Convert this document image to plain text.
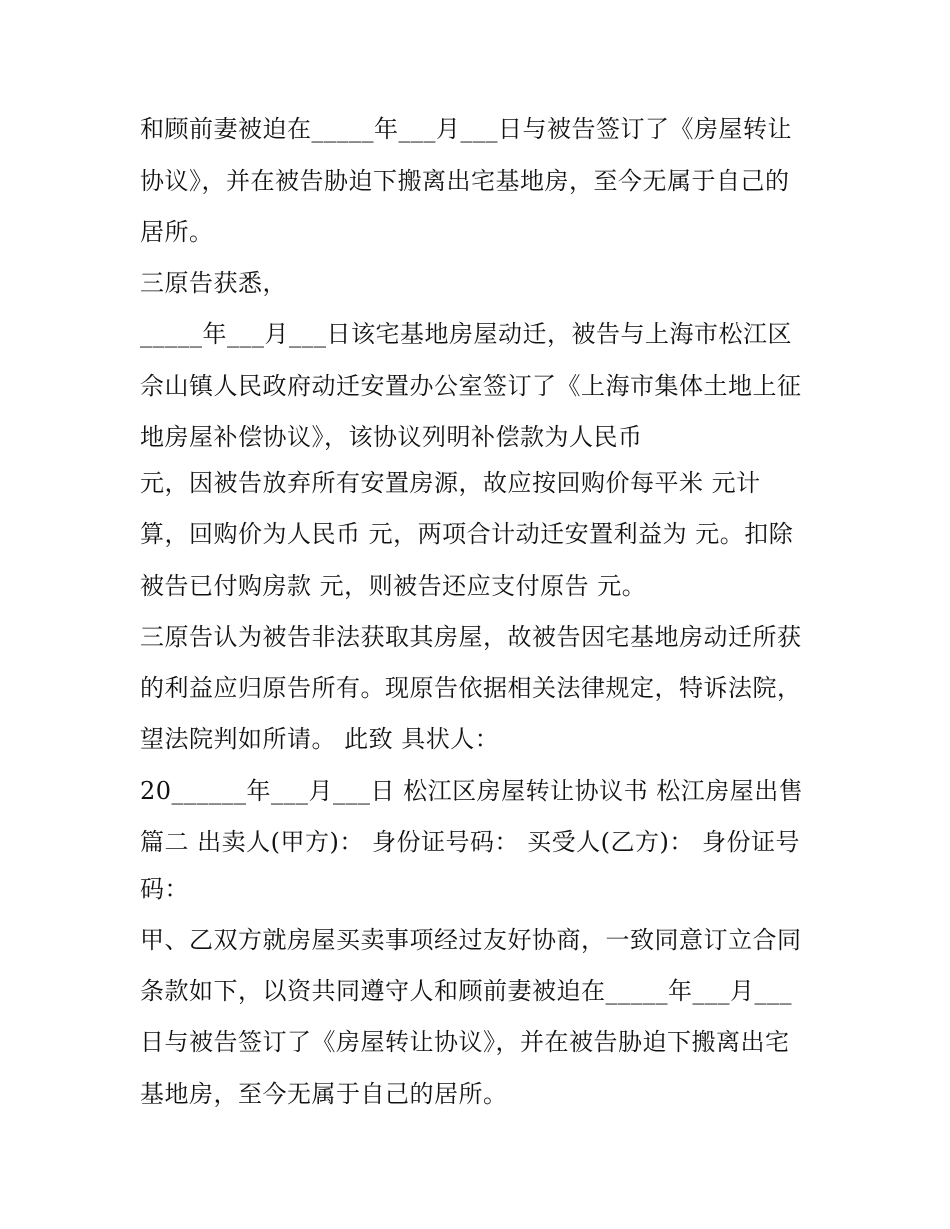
和顾前妻被迫在_____年___月___日与被告签订了《房屋转让
协议》，并在被告胁迫下搬离出宅基地房，至今无属于自己的
居所。
三原告获悉，
_____年___月___日该宅基地房屋动迁，被告与上海市松江区
佘山镇人民政府动迁安置办公室签订了《上海市集体土地上征
地房屋补偿协议》，该协议列明补偿款为人民币
元，因被告放弃所有安置房源，故应按回购价每平米 元计
算，回购价为人民币 元，两项合计动迁安置利益为 元。扣除
被告已付购房款 元，则被告还应支付原告 元。
三原告认为被告非法获取其房屋，故被告因宅基地房动迁所获
的利益应归原告所有。现原告依据相关法律规定，特诉法院，
望法院判如所请。 此致 具状人：
20______年___月___日 松江区房屋转让协议书 松江房屋出售
篇二 出卖人(甲方)： 身份证号码： 买受人(乙方)： 身份证号
码：
甲、乙双方就房屋买卖事项经过友好协商，一致同意订立合同
条款如下，以资共同遵守人和顾前妻被迫在_____年___月___
日与被告签订了《房屋转让协议》，并在被告胁迫下搬离出宅
基地房，至今无属于自己的居所。
